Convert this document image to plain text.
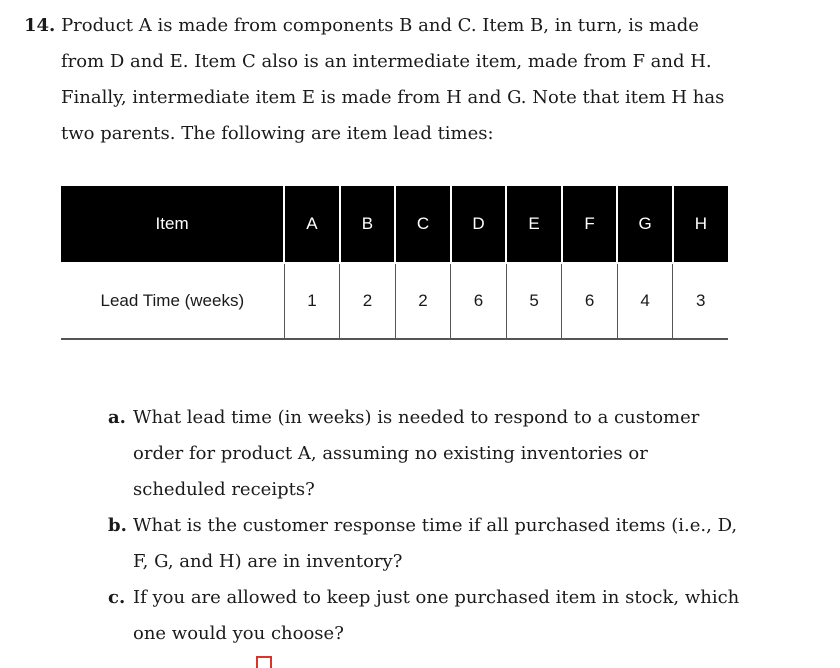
14. Product A is made from components B and C. Item B, in turn, is made
from D and E. Item C also is an intermediate item, made from F and H.
Finally, intermediate item E is made from H and G. Note that item H has
two parents. The following are item lead times:
Item	A	B	C	D	E	F	G	H
Lead Time (weeks)	1	2	2	6	5	6	4	3
a. What lead time (in weeks) is needed to respond to a customer
order for product A, assuming no existing inventories or
scheduled receipts?
b. What is the customer response time if all purchased items (i.e., D,
F, G, and H) are in inventory?
c. If you are allowed to keep just one purchased item in stock, which
one would you choose?
